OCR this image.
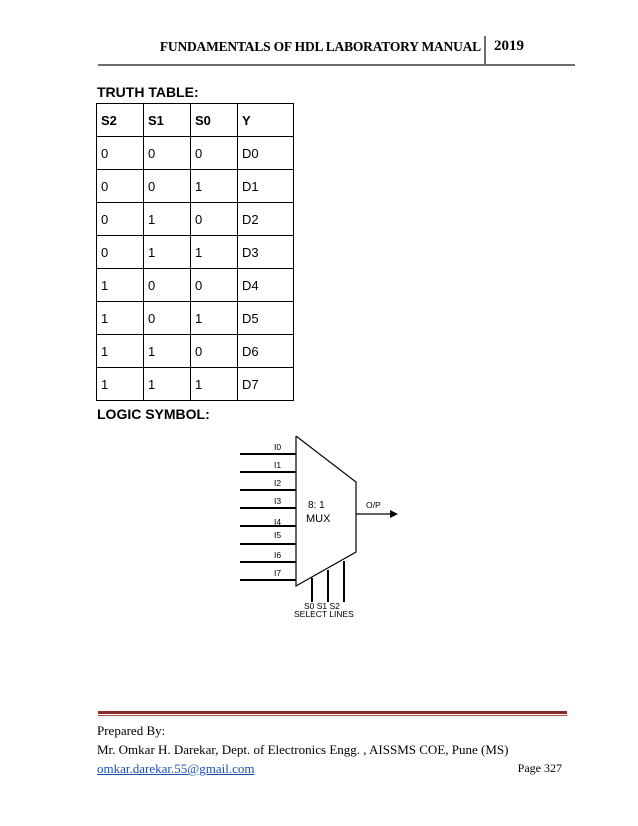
FUNDAMENTALS OF HDL LABORATORY MANUAL 2019
TRUTH TABLE:
S2	S1	S0	Y
0	0	0	D0
0	0	1	D1
0	1	0	D2
0	1	1	D3
1	0	0	D4
1	0	1	D5
1	1	0	D6
1	1	1	D7
LOGIC SYMBOL:
I0
I1
I2
I3
I4
I5
I6
I7
8: 1
MUX
O/P
S0 S1 S2
SELECT LINES
Prepared By:
Mr. Omkar H. Darekar, Dept. of Electronics Engg. , AISSMS COE, Pune (MS)
omkar.darekar.55@gmail.com	Page 327
